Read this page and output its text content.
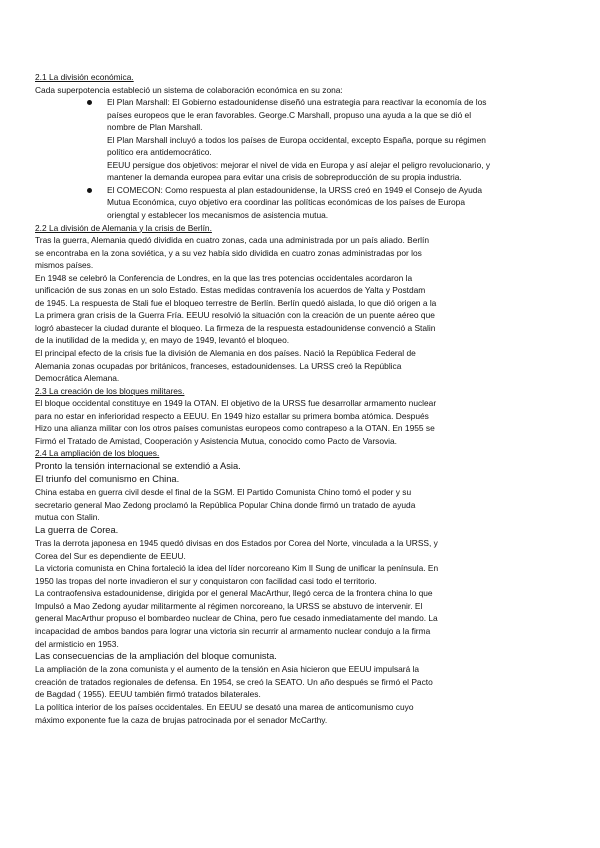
2.1 La división económica.
Cada superpotencia estableció un sistema de colaboración económica en su zona:
El Plan Marshall: El Gobierno estadounidense diseñó una estrategia para reactivar la economía de los
países europeos que le eran favorables. George.C Marshall, propuso una ayuda a la que se dió el
nombre de Plan Marshall.
El Plan Marshall incluyó a todos los países de Europa occidental, excepto España, porque su régimen
político era antidemocrático.
EEUU persigue dos objetivos: mejorar el nivel de vida en Europa y así alejar el peligro revolucionario, y
mantener la demanda europea para evitar una crisis de sobreproducción de su propia industria.
El COMECON: Como respuesta al plan estadounidense, la URSS creó en 1949 el Consejo de Ayuda
Mutua Económica, cuyo objetivo era coordinar las políticas económicas de los países de Europa
oriengtal y establecer los mecanismos de asistencia mutua.
2.2 La división de Alemania y la crisis de Berlín.
Tras la guerra, Alemania quedó dividida en cuatro zonas, cada una administrada por un país aliado. Berlín
se encontraba en la zona soviética, y a su vez había sido dividida en cuatro zonas administradas por los
mismos países.
En 1948 se celebró la Conferencia de Londres, en la que las tres potencias occidentales acordaron la
unificación de sus zonas en un solo Estado. Estas medidas contravenía los acuerdos de Yalta y Postdam
de 1945. La respuesta de Stali fue el bloqueo terrestre de Berlín. Berlín quedó aislada, lo que dió origen a la
La primera gran crisis de la Guerra Fría. EEUU resolvió la situación con la creación de un puente aéreo que
logró abastecer la ciudad durante el bloqueo. La firmeza de la respuesta estadounidense convenció a Stalin
de la inutilidad de la medida y, en mayo de 1949, levantó el bloqueo.
El principal efecto de la crisis fue la división de Alemania en dos países. Nació la República Federal de
Alemania zonas ocupadas por británicos, franceses, estadounidenses. La URSS creó la República
Democrática Alemana.
2.3 La creación de los bloques militares.
El bloque occidental constituye en 1949 la OTAN. El objetivo de la URSS fue desarrollar armamento nuclear
para no estar en inferioridad respecto a EEUU. En 1949 hizo estallar su primera bomba atómica. Después
Hizo una alianza militar con los otros países comunistas europeos como contrapeso a la OTAN. En 1955 se
Firmó el Tratado de Amistad, Cooperación y Asistencia Mutua, conocido como Pacto de Varsovia.
2.4 La ampliación de los bloques.
Pronto la tensión internacional se extendió a Asia.
El triunfo del comunismo en China.
China estaba en guerra civil desde el final de la SGM. El Partido Comunista Chino tomó el poder y su
secretario general Mao Zedong proclamó la República Popular China donde firmó un tratado de ayuda
mutua con Stalin.
La guerra de Corea.
Tras la derrota japonesa en 1945 quedó divisas en dos Estados por Corea del Norte, vinculada a la URSS, y
Corea del Sur es dependiente de EEUU.
La victoria comunista en China fortaleció la idea del líder norcoreano Kim Il Sung de unificar la península. En
1950 las tropas del norte invadieron el sur y conquistaron con facilidad casi todo el territorio.
La contraofensiva estadounidense, dirigida por el general MacArthur, llegó cerca de la frontera china lo que
Impulsó a Mao Zedong ayudar militarmente al régimen norcoreano, la URSS se abstuvo de intervenir. El
general MacArthur propuso el bombardeo nuclear de China, pero fue cesado inmediatamente del mando. La
incapacidad de ambos bandos para lograr una victoria sin recurrir al armamento nuclear condujo a la firma
del armisticio en 1953.
Las consecuencias de la ampliación del bloque comunista.
La ampliación de la zona comunista y el aumento de la tensión en Asia hicieron que EEUU impulsará la
creación de tratados regionales de defensa. En 1954, se creó la SEATO. Un año después se firmó el Pacto
de Bagdad ( 1955). EEUU también firmó tratados bilaterales.
La política interior de los países occidentales. En EEUU se desató una marea de anticomunismo cuyo
máximo exponente fue la caza de brujas patrocinada por el senador McCarthy.
